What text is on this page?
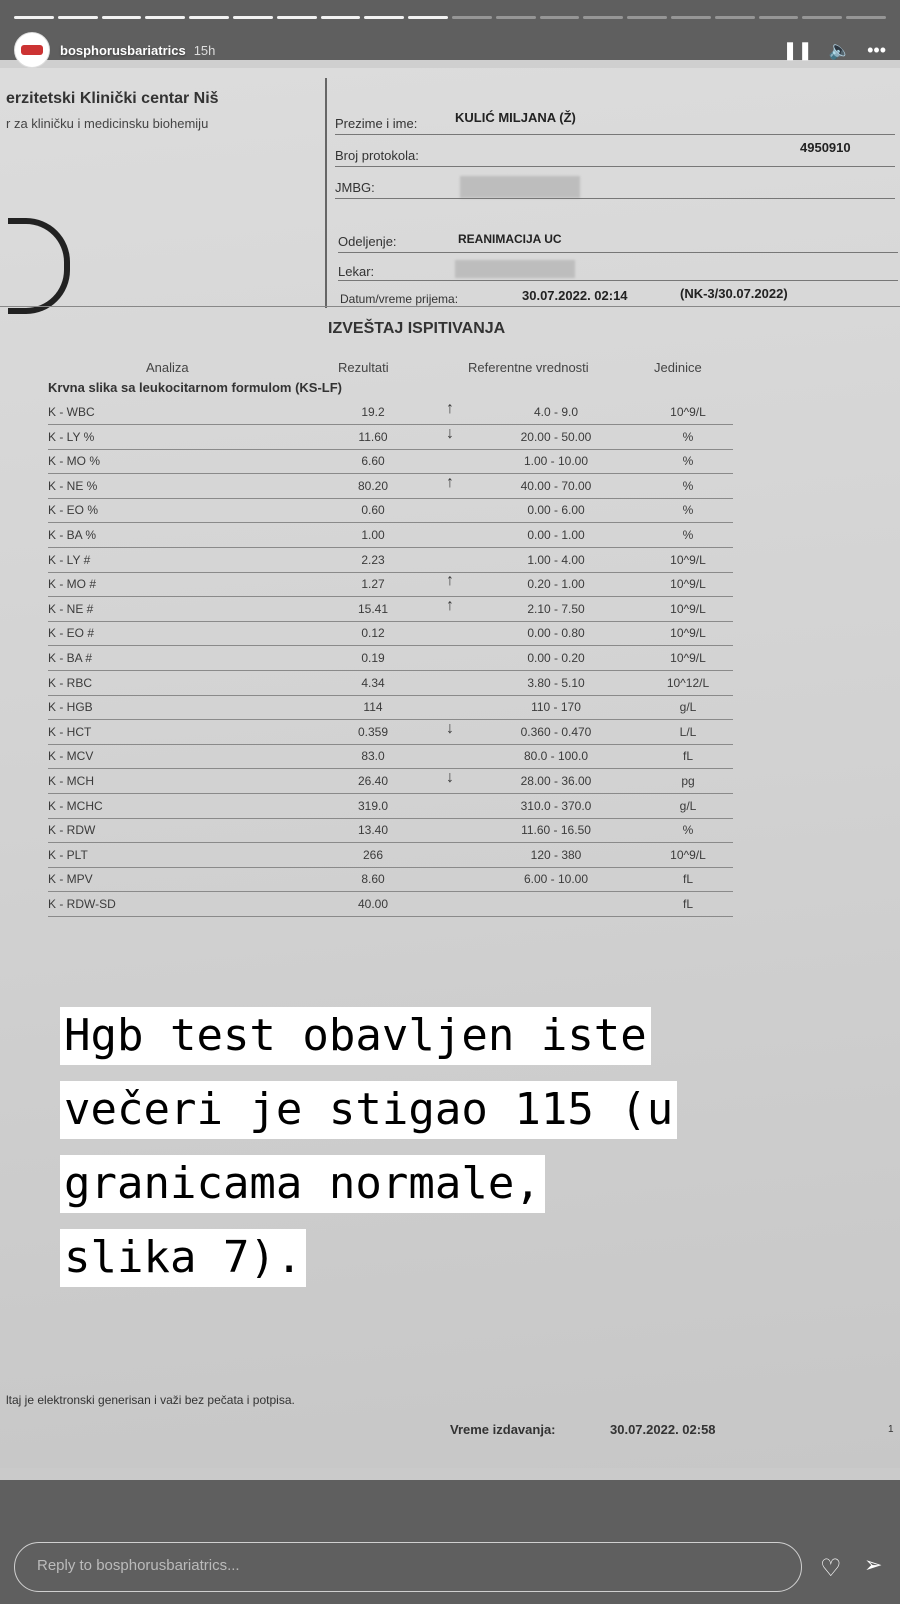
bosphorusbariatrics 15h	❚❚ 🔈 •••
erzitetski Klinički centar Niš
r za kliničku i medicinsku biohemiju	Prezime i ime:	KULIĆ MILJANA (Ž)
Broj protokola:
4950910
JMBG:
Odeljenje:	REANIMACIJA UC
Lekar:
Datum/vreme prijema:	30.07.2022. 02:14	(NK-3/30.07.2022)
IZVEŠTAJ ISPITIVANJA
Analiza	Rezultati	Referentne vrednosti	Jedinice
Krvna slika sa leukocitarnom formulom (KS-LF)
K - WBC	19.2	↑	4.0 - 9.0	10^9/L
K - LY %	11.60	↓	20.00 - 50.00	%
K - MO %	6.60	1.00 - 10.00	%
K - NE %	80.20	↑	40.00 - 70.00	%
K - EO %	0.60	0.00 - 6.00	%
K - BA %	1.00	0.00 - 1.00	%
K - LY #	2.23	1.00 - 4.00	10^9/L
K - MO #	1.27	↑	0.20 - 1.00	10^9/L
K - NE #	15.41	↑	2.10 - 7.50	10^9/L
K - EO #	0.12	0.00 - 0.80	10^9/L
K - BA #	0.19	0.00 - 0.20	10^9/L
K - RBC	4.34	3.80 - 5.10	10^12/L
K - HGB	114	110 - 170	g/L
K - HCT	0.359	↓	0.360 - 0.470	L/L
K - MCV	83.0	80.0 - 100.0	fL
K - MCH	26.40	↓	28.00 - 36.00	pg
K - MCHC	319.0	310.0 - 370.0	g/L
K - RDW	13.40	11.60 - 16.50	%
K - PLT	266	120 - 380	10^9/L
K - MPV	8.60	6.00 - 10.00	fL
K - RDW-SD	40.00	fL
ltaj je elektronski generisan i važi bez pečata i potpisa.
Vreme izdavanja:	30.07.2022. 02:58	1
Hgb test obavljen iste
večeri je stigao 115 (u
granicama normale,
slika 7).
Reply to bosphorusbariatrics...	♡ ➢
